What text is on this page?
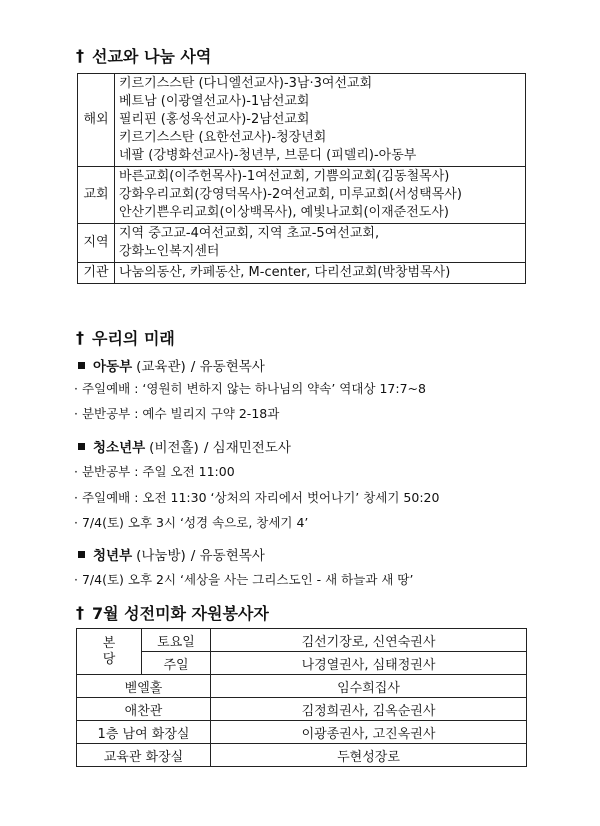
† 선교와 나눔 사역
해외	키르기스스탄 (다니엘선교사)-3남·3여선교회
베트남 (이광열선교사)-1남선교회
필리핀 (홍성욱선교사)-2남선교회
키르기스스탄 (요한선교사)-청장년회
네팔 (강병화선교사)-청년부, 브룬디 (피델리)-아동부

교회	바른교회(이주헌목사)-1여선교회, 기쁨의교회(김동철목사)
강화우리교회(강영덕목사)-2여선교회, 미루교회(서성택목사)
안산기쁜우리교회(이상백목사), 예빛나교회(이재준전도사)

지역	지역 중고교-4여선교회, 지역 초교-5여선교회,
강화노인복지센터

기관	나눔의동산, 카페동산, M-center, 다리선교회(박창범목사)
† 우리의 미래
아동부 (교육관) / 유동현목사
· 주일예배 : ‘영원히 변하지 않는 하나님의 약속’ 역대상 17:7~8
· 분반공부 : 예수 빌리지 구약 2-18과
청소년부 (비전홀) / 심재민전도사
· 분반공부 : 주일 오전 11:00
· 주일예배 : 오전 11:30 ‘상처의 자리에서 벗어나기’ 창세기 50:20
· 7/4(토) 오후 3시 ‘성경 속으로, 창세기 4’
청년부 (나눔방) / 유동현목사
· 7/4(토) 오후 2시 ‘세상을 사는 그리스도인 - 새 하늘과 새 땅’
† 7월 성전미화 자원봉사자
본
당	토요일	김선기장로, 신연숙권사
	주일	나경열권사, 심태정권사
벧엘홀		임수희집사
애찬관		김정희권사, 김옥순권사
1층 남여 화장실		이광종권사, 고진옥권사
교육관 화장실		두현성장로
